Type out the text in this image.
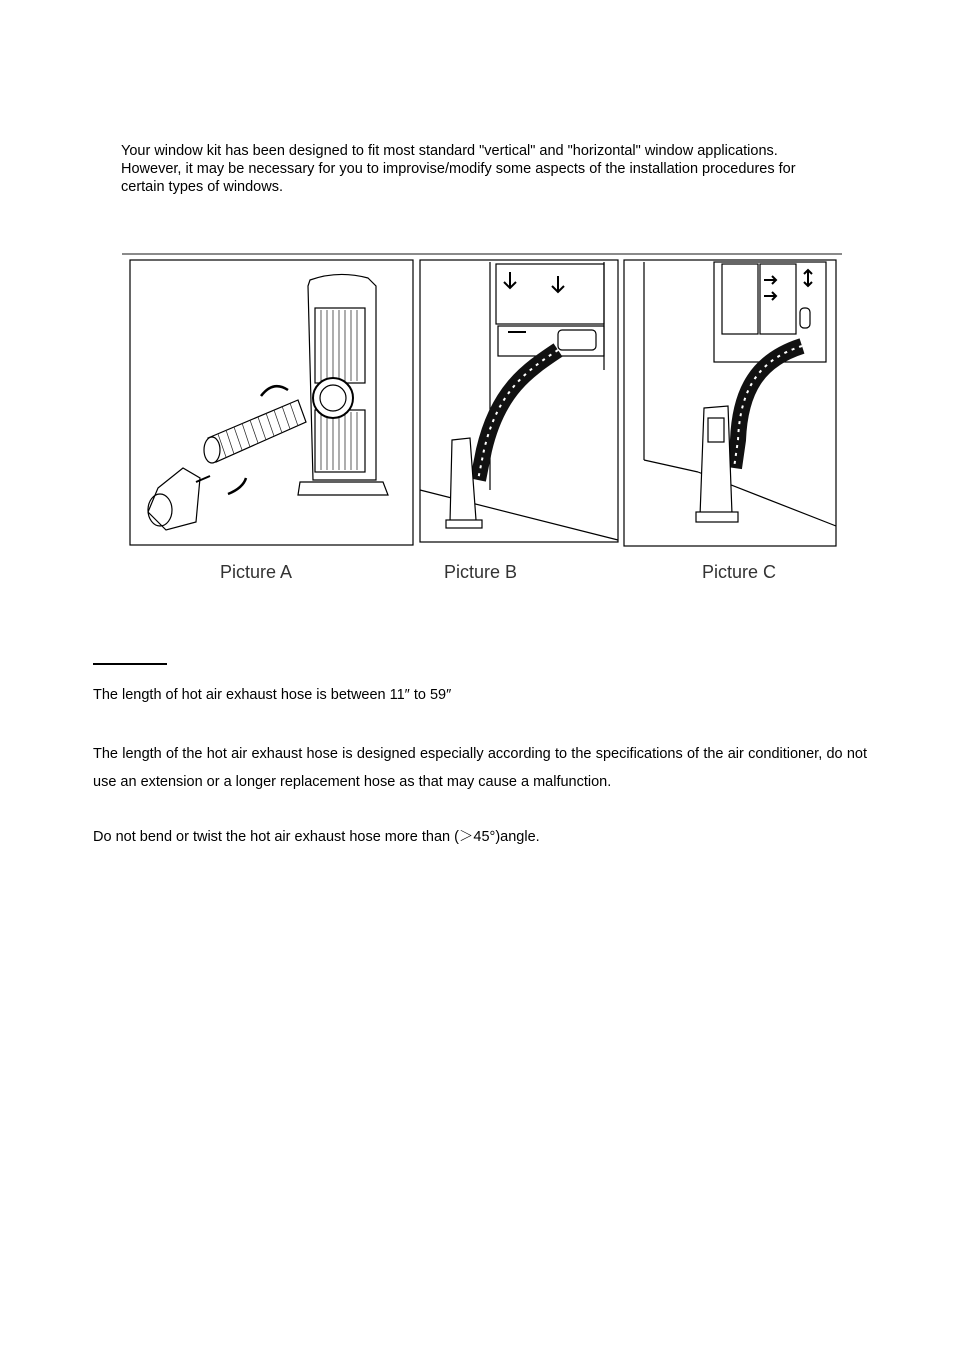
Your window kit has been designed to fit most standard "vertical" and "horizontal" window applications.

However, it may be necessary for you to improvise/modify some aspects of the installation procedures for

certain types of windows.

Picture A	Picture B	Picture C

The length of hot air exhaust hose is between 11″ to 59″

The length of the hot air exhaust hose is designed especially according to the specifications of the air conditioner, do not use an extension or a longer replacement hose as that may cause a malfunction.

Do not bend or twist the hot air exhaust hose more than (＞45°)angle.
